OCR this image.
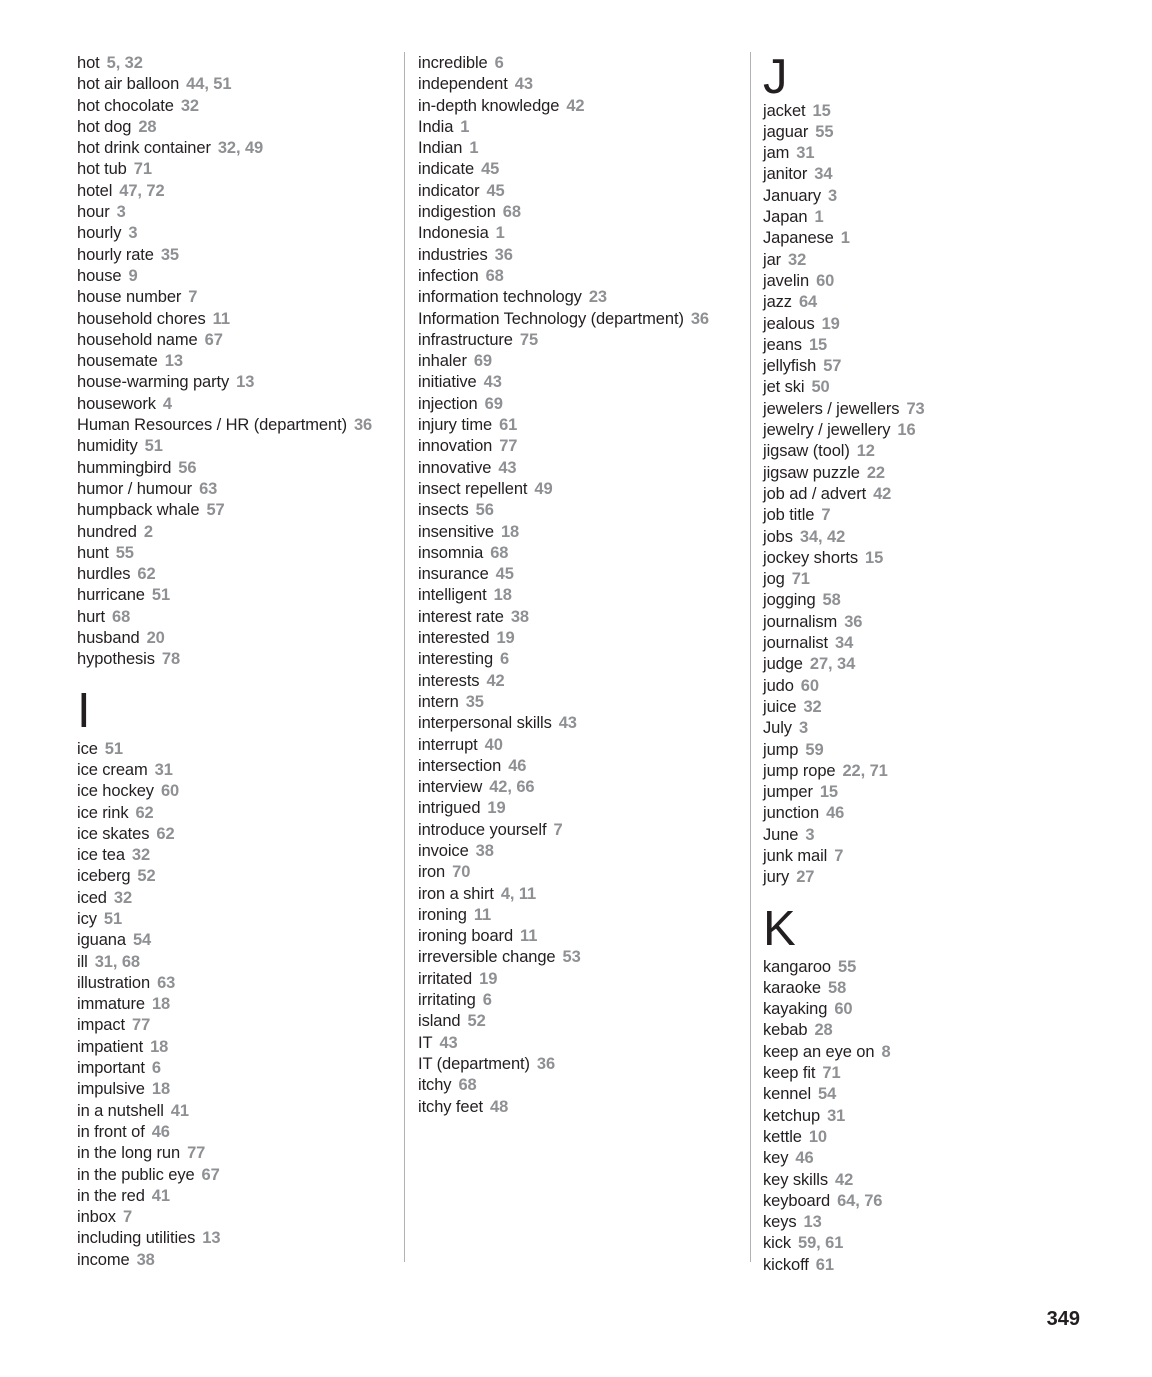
hot 5, 32
hot air balloon 44, 51
hot chocolate 32
hot dog 28
hot drink container 32, 49
hot tub 71
hotel 47, 72
hour 3
hourly 3
hourly rate 35
house 9
house number 7
household chores 11
household name 67
housemate 13
house-warming party 13
housework 4
Human Resources / HR (department) 36
humidity 51
hummingbird 56
humor / humour 63
humpback whale 57
hundred 2
hunt 55
hurdles 62
hurricane 51
hurt 68
husband 20
hypothesis 78
I
ice 51
ice cream 31
ice hockey 60
ice rink 62
ice skates 62
ice tea 32
iceberg 52
iced 32
icy 51
iguana 54
ill 31, 68
illustration 63
immature 18
impact 77
impatient 18
important 6
impulsive 18
in a nutshell 41
in front of 46
in the long run 77
in the public eye 67
in the red 41
inbox 7
including utilities 13
income 38
incredible 6
independent 43
in-depth knowledge 42
India 1
Indian 1
indicate 45
indicator 45
indigestion 68
Indonesia 1
industries 36
infection 68
information technology 23
Information Technology (department) 36
infrastructure 75
inhaler 69
initiative 43
injection 69
injury time 61
innovation 77
innovative 43
insect repellent 49
insects 56
insensitive 18
insomnia 68
insurance 45
intelligent 18
interest rate 38
interested 19
interesting 6
interests 42
intern 35
interpersonal skills 43
interrupt 40
intersection 46
interview 42, 66
intrigued 19
introduce yourself 7
invoice 38
iron 70
iron a shirt 4, 11
ironing 11
ironing board 11
irreversible change 53
irritated 19
irritating 6
island 52
IT 43
IT (department) 36
itchy 68
itchy feet 48
J
jacket 15
jaguar 55
jam 31
janitor 34
January 3
Japan 1
Japanese 1
jar 32
javelin 60
jazz 64
jealous 19
jeans 15
jellyfish 57
jet ski 50
jewelers / jewellers 73
jewelry / jewellery 16
jigsaw (tool) 12
jigsaw puzzle 22
job ad / advert 42
job title 7
jobs 34, 42
jockey shorts 15
jog 71
jogging 58
journalism 36
journalist 34
judge 27, 34
judo 60
juice 32
July 3
jump 59
jump rope 22, 71
jumper 15
junction 46
June 3
junk mail 7
jury 27
K
kangaroo 55
karaoke 58
kayaking 60
kebab 28
keep an eye on 8
keep fit 71
kennel 54
ketchup 31
kettle 10
key 46
key skills 42
keyboard 64, 76
keys 13
kick 59, 61
kickoff 61
349
